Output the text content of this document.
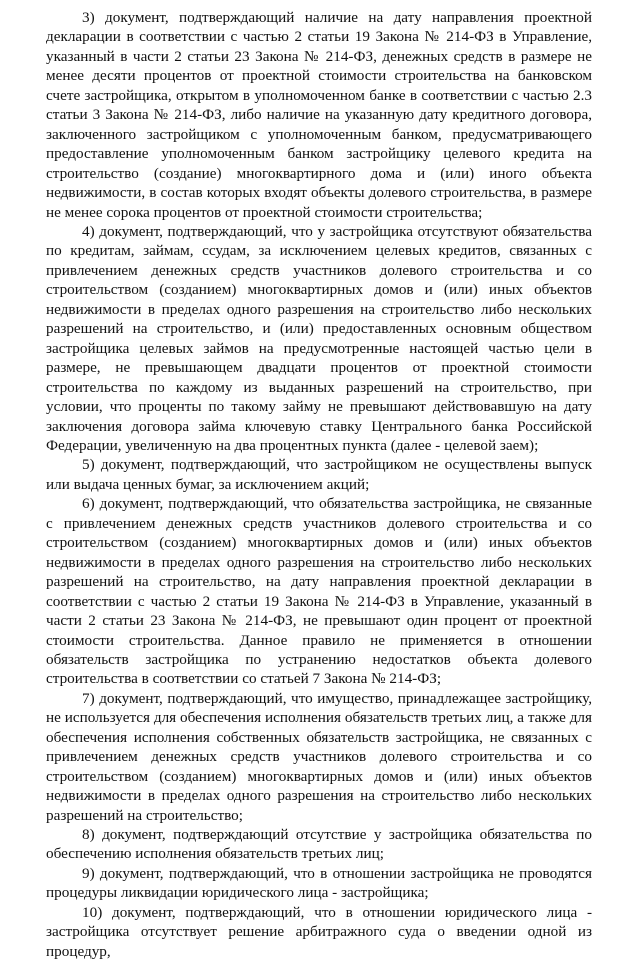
3) документ, подтверждающий наличие на дату направления проектной декларации в соответствии с частью 2 статьи 19 Закона № 214-ФЗ в Управление, указанный в части 2 статьи 23 Закона № 214-ФЗ, денежных средств в размере не менее десяти процентов от проектной стоимости строительства на банковском счете застройщика, открытом в уполномоченном банке в соответствии с частью 2.3 статьи 3 Закона № 214-ФЗ, либо наличие на указанную дату кредитного договора, заключенного застройщиком с уполномоченным банком, предусматривающего предоставление уполномоченным банком застройщику целевого кредита на строительство (создание) многоквартирного дома и (или) иного объекта недвижимости, в состав которых входят объекты долевого строительства, в размере не менее сорока процентов от проектной стоимости строительства;

4) документ, подтверждающий, что у застройщика отсутствуют обязательства по кредитам, займам, ссудам, за исключением целевых кредитов, связанных с привлечением денежных средств участников долевого строительства и со строительством (созданием) многоквартирных домов и (или) иных объектов недвижимости в пределах одного разрешения на строительство либо нескольких разрешений на строительство, и (или) предоставленных основным обществом застройщика целевых займов на предусмотренные настоящей частью цели в размере, не превышающем двадцати процентов от проектной стоимости строительства по каждому из выданных разрешений на строительство, при условии, что проценты по такому займу не превышают действовавшую на дату заключения договора займа ключевую ставку Центрального банка Российской Федерации, увеличенную на два процентных пункта (далее - целевой заем);

5) документ, подтверждающий, что застройщиком не осуществлены выпуск или выдача ценных бумаг, за исключением акций;

6) документ, подтверждающий, что обязательства застройщика, не связанные с привлечением денежных средств участников долевого строительства и со строительством (созданием) многоквартирных домов и (или) иных объектов недвижимости в пределах одного разрешения на строительство либо нескольких разрешений на строительство, на дату направления проектной декларации в соответствии с частью 2 статьи 19 Закона № 214-ФЗ в Управление, указанный в части 2 статьи 23 Закона № 214-ФЗ, не превышают один процент от проектной стоимости строительства. Данное правило не применяется в отношении обязательств застройщика по устранению недостатков объекта долевого строительства в соответствии со статьей 7 Закона № 214-ФЗ;

7) документ, подтверждающий, что имущество, принадлежащее застройщику, не используется для обеспечения исполнения обязательств третьих лиц, а также для обеспечения исполнения собственных обязательств застройщика, не связанных с привлечением денежных средств участников долевого строительства и со строительством (созданием) многоквартирных домов и (или) иных объектов недвижимости в пределах одного разрешения на строительство либо нескольких разрешений на строительство;

8) документ, подтверждающий отсутствие у застройщика обязательства по обеспечению исполнения обязательств третьих лиц;

9) документ, подтверждающий, что в отношении застройщика не проводятся процедуры ликвидации юридического лица - застройщика;

10) документ, подтверждающий, что в отношении юридического лица - застройщика отсутствует решение арбитражного суда о введении одной из процедур,
